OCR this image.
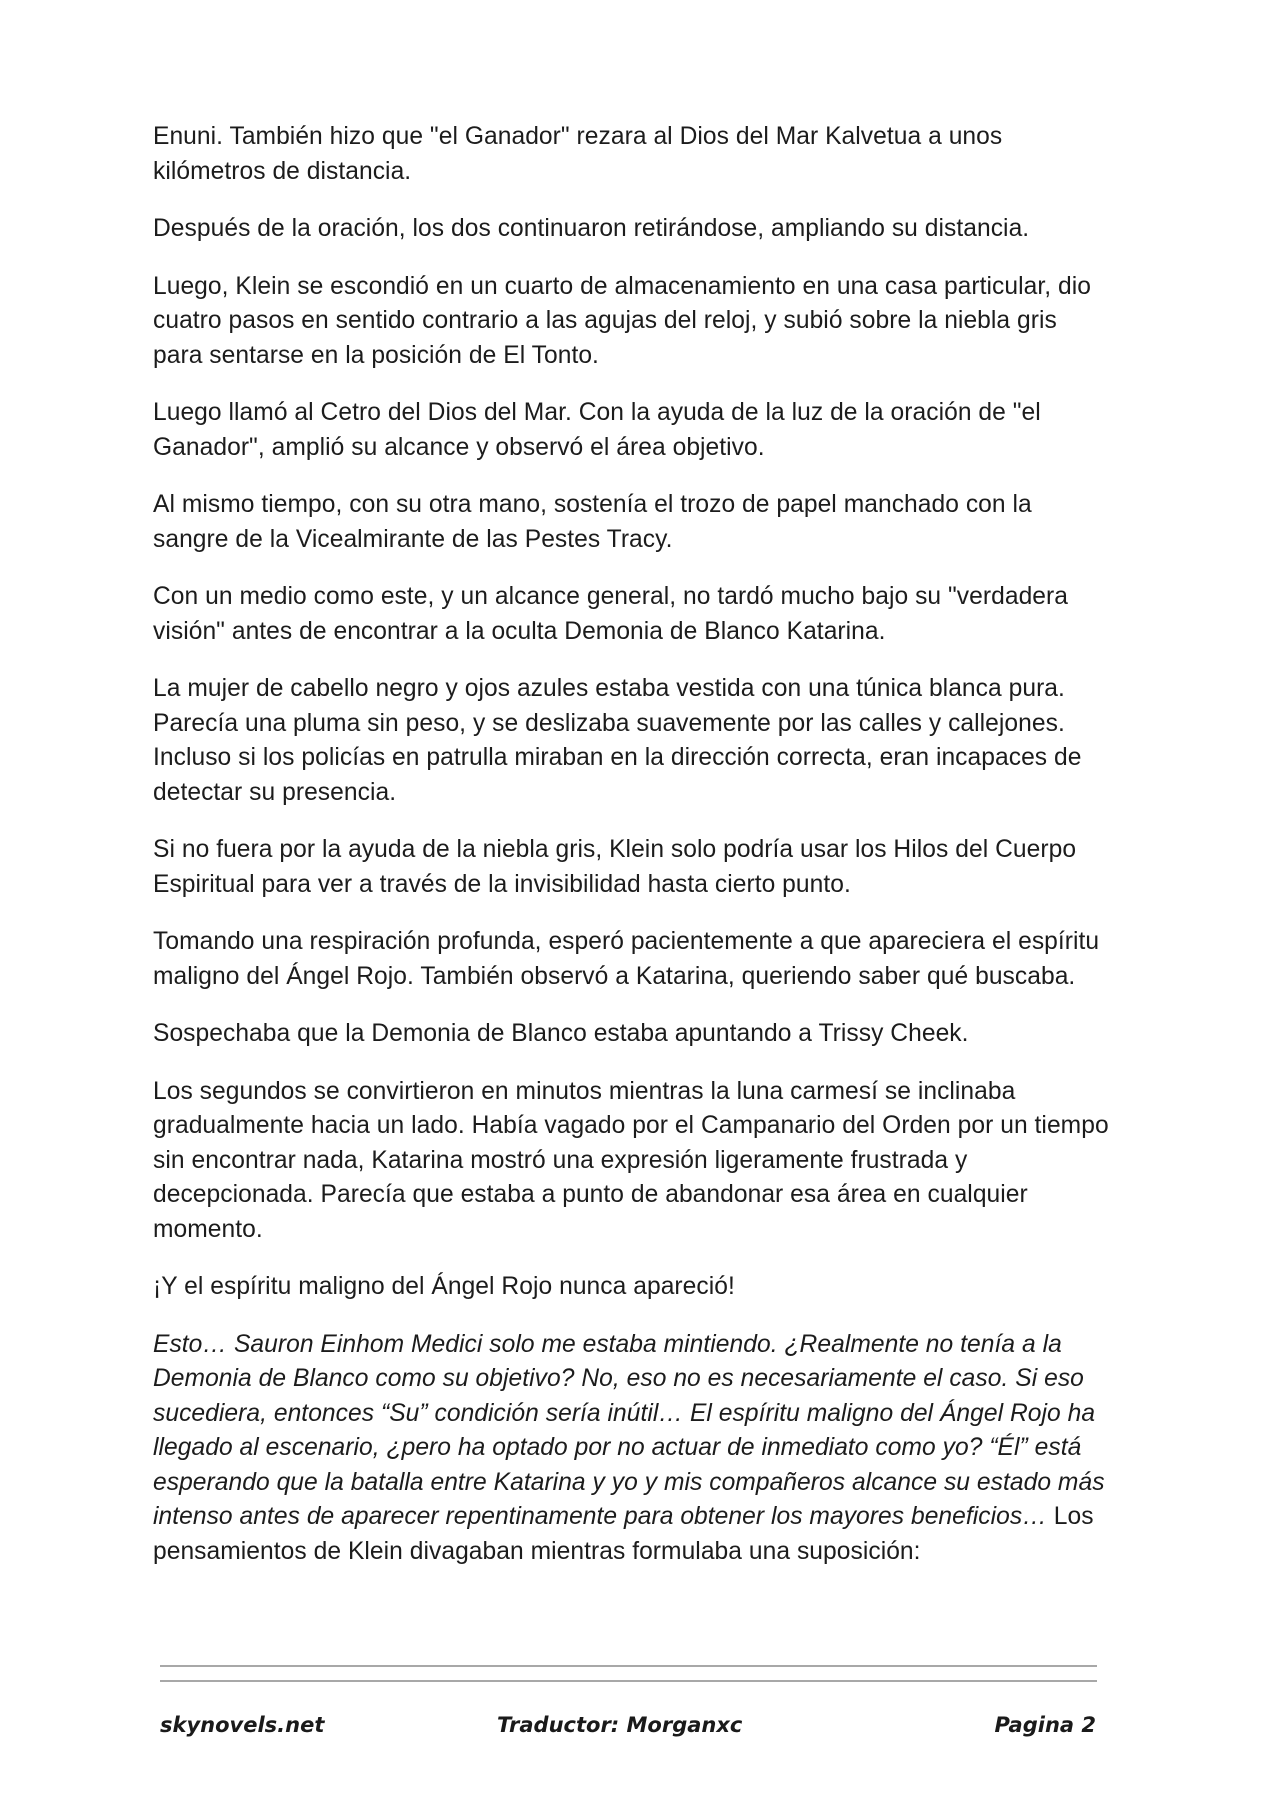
Enuni. También hizo que "el Ganador" rezara al Dios del Mar Kalvetua a unos kilómetros de distancia.

Después de la oración, los dos continuaron retirándose, ampliando su distancia.

Luego, Klein se escondió en un cuarto de almacenamiento en una casa particular, dio cuatro pasos en sentido contrario a las agujas del reloj, y subió sobre la niebla gris para sentarse en la posición de El Tonto.

Luego llamó al Cetro del Dios del Mar. Con la ayuda de la luz de la oración de "el Ganador", amplió su alcance y observó el área objetivo.

Al mismo tiempo, con su otra mano, sostenía el trozo de papel manchado con la sangre de la Vicealmirante de las Pestes Tracy.

Con un medio como este, y un alcance general, no tardó mucho bajo su "verdadera visión" antes de encontrar a la oculta Demonia de Blanco Katarina.

La mujer de cabello negro y ojos azules estaba vestida con una túnica blanca pura. Parecía una pluma sin peso, y se deslizaba suavemente por las calles y callejones. Incluso si los policías en patrulla miraban en la dirección correcta, eran incapaces de detectar su presencia.

Si no fuera por la ayuda de la niebla gris, Klein solo podría usar los Hilos del Cuerpo Espiritual para ver a través de la invisibilidad hasta cierto punto.

Tomando una respiración profunda, esperó pacientemente a que apareciera el espíritu maligno del Ángel Rojo. También observó a Katarina, queriendo saber qué buscaba.

Sospechaba que la Demonia de Blanco estaba apuntando a Trissy Cheek.

Los segundos se convirtieron en minutos mientras la luna carmesí se inclinaba gradualmente hacia un lado. Había vagado por el Campanario del Orden por un tiempo sin encontrar nada, Katarina mostró una expresión ligeramente frustrada y decepcionada. Parecía que estaba a punto de abandonar esa área en cualquier momento.

¡Y el espíritu maligno del Ángel Rojo nunca apareció!

Esto… Sauron Einhom Medici solo me estaba mintiendo. ¿Realmente no tenía a la Demonia de Blanco como su objetivo? No, eso no es necesariamente el caso. Si eso sucediera, entonces “Su” condición sería inútil… El espíritu maligno del Ángel Rojo ha llegado al escenario, ¿pero ha optado por no actuar de inmediato como yo? “Él” está esperando que la batalla entre Katarina y yo y mis compañeros alcance su estado más intenso antes de aparecer repentinamente para obtener los mayores beneficios… Los pensamientos de Klein divagaban mientras formulaba una suposición:

skynovels.net	Traductor: Morganxc	Pagina 2
